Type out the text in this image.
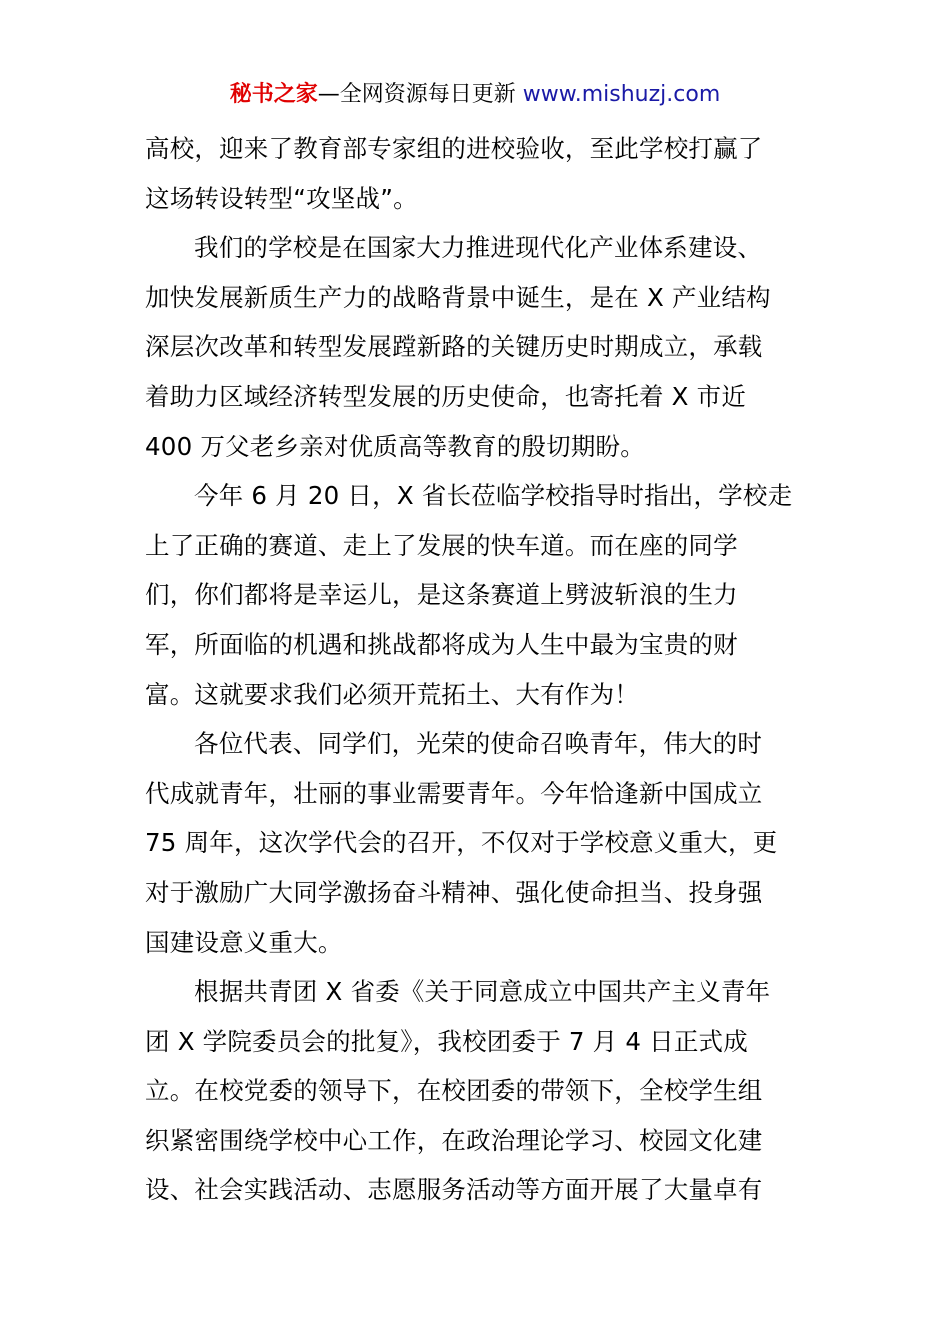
秘书之家—全网资源每日更新 www.mishuzj.com
高校，迎来了教育部专家组的进校验收，至此学校打赢了
这场转设转型“攻坚战”。
我们的学校是在国家大力推进现代化产业体系建设、
加快发展新质生产力的战略背景中诞生，是在 X 产业结构
深层次改革和转型发展蹚新路的关键历史时期成立，承载
着助力区域经济转型发展的历史使命，也寄托着 X 市近
400 万父老乡亲对优质高等教育的殷切期盼。
今年 6 月 20 日，X 省长莅临学校指导时指出，学校走
上了正确的赛道、走上了发展的快车道。而在座的同学
们，你们都将是幸运儿，是这条赛道上劈波斩浪的生力
军，所面临的机遇和挑战都将成为人生中最为宝贵的财
富。这就要求我们必须开荒拓土、大有作为！
各位代表、同学们，光荣的使命召唤青年，伟大的时
代成就青年，壮丽的事业需要青年。今年恰逢新中国成立
75 周年，这次学代会的召开，不仅对于学校意义重大，更
对于激励广大同学激扬奋斗精神、强化使命担当、投身强
国建设意义重大。
根据共青团 X 省委《关于同意成立中国共产主义青年
团 X 学院委员会的批复》，我校团委于 7 月 4 日正式成
立。在校党委的领导下，在校团委的带领下，全校学生组
织紧密围绕学校中心工作，在政治理论学习、校园文化建
设、社会实践活动、志愿服务活动等方面开展了大量卓有
